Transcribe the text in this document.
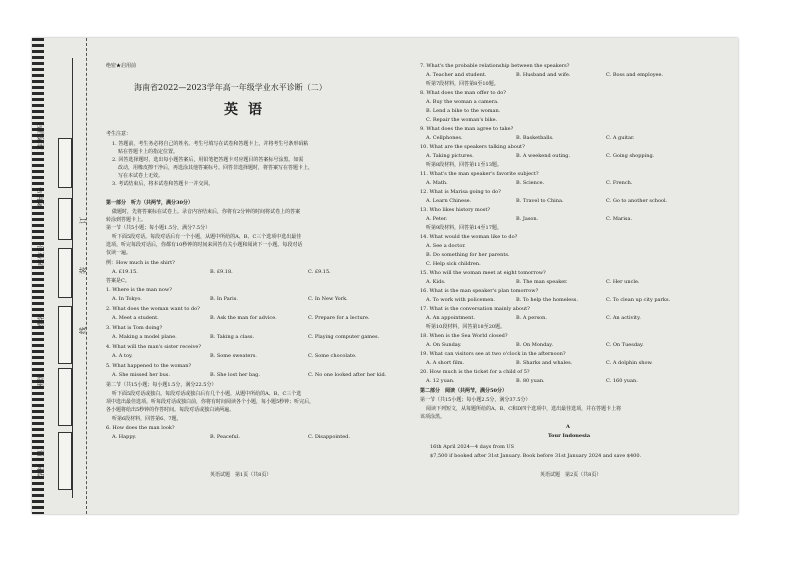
准考证号
考场号
座位号
姓名
班级
学校（县）
订
装
线
绝密★启用前
海南省2022—2023学年高一年级学业水平诊断（二）
英语
考生注意：
1. 答题前，考生务必将自己的姓名、考生号填写在试卷和答题卡上，并将考生号条形码粘
贴在答题卡上的指定位置。
2. 回答选择题时，选出每小题答案后，用铅笔把答题卡对应题目的答案标号涂黑。如需
改动，用橡皮擦干净后，再选涂其他答案标号。回答非选择题时，将答案写在答题卡上，
写在本试卷上无效。
3. 考试结束后，将本试卷和答题卡一并交回。
第一部分　听力（共两节，满分30分）
做题时，先将答案标在试卷上。录音内容结束后，你将有2分钟的时间将试卷上的答案
转涂到答题卡上。
第一节（共5小题；每小题1.5分，满分7.5分）
听下面5段对话。每段对话后有一个小题，从题中所给的A、B、C三个选项中选出最佳
选项。听完每段对话后，你都有10秒钟的时间来回答有关小题和阅读下一小题。每段对话
仅读一遍。
例：How much is the shirt?
A. £19.15.	B. £9.18.	C. £9.15.
答案是C。
1. Where is the man now?
A. In Tokyo.	B. In Paris.	C. In New York.
2. What does the woman want to do?
A. Meet a student.	B. Ask the man for advice.	C. Prepare for a lecture.
3. What is Tom doing?
A. Making a model plane.	B. Taking a class.	C. Playing computer games.
4. What will the man's sister receive?
A. A toy.	B. Some sweaters.	C. Some chocolate.
5. What happened to the woman?
A. She missed her bus.	B. She lost her bag.	C. No one looked after her kid.
第二节（共15小题；每小题1.5分，满分22.5分）
听下面5段对话或独白。每段对话或独白后有几个小题，从题中所给的A、B、C三个选
项中选出最佳选项。听每段对话或独白前，你将有时间阅读各个小题，每小题5秒钟；听完后，
各小题将给出5秒钟的作答时间。每段对话或独白读两遍。
听第6段材料，回答第6、7题。
6. How does the man look?
A. Happy.	B. Peaceful.	C. Disappointed.
英语试题　第1页（共8页）
7. What's the probable relationship between the speakers?
A. Teacher and student.	B. Husband and wife.	C. Boss and employee.
听第7段材料，回答第8至10题。
8. What does the man offer to do?
A. Buy the woman a camera.
B. Lend a bike to the woman.
C. Repair the woman's bike.
9. What does the man agree to take?
A. Cellphones.	B. Basketballs.	C. A guitar.
10. What are the speakers talking about?
A. Taking pictures.	B. A weekend outing.	C. Going shopping.
听第8段材料，回答第11至13题。
11. What's the man speaker's favorite subject?
A. Math.	B. Science.	C. French.
12. What is Marisa going to do?
A. Learn Chinese.	B. Travel to China.	C. Go to another school.
13. Who likes history most?
A. Peter.	B. Jason.	C. Marisa.
听第9段材料，回答第14至17题。
14. What would the woman like to do?
A. See a doctor.
B. Do something for her parents.
C. Help sick children.
15. Who will the woman meet at eight tomorrow?
A. Kids.	B. The man speaker.	C. Her uncle.
16. What is the man speaker's plan tomorrow?
A. To work with policemen.	B. To help the homeless.	C. To clean up city parks.
17. What is the conversation mainly about?
A. An appointment.	B. A person.	C. An activity.
听第10段材料，回答第18至20题。
18. When is the Sea World closed?
A. On Sunday.	B. On Monday.	C. On Tuesday.
19. What can visitors see at two o'clock in the afternoon?
A. A short film.	B. Sharks and whales.	C. A dolphin show.
20. How much is the ticket for a child of 5?
A. 12 yuan.	B. 80 yuan.	C. 160 yuan.
第二部分　阅读（共两节，满分50分）
第一节（共15小题；每小题2.5分，满分37.5分）
阅读下列短文，从每题所给的A、B、C和D四个选项中，选出最佳选项，并在答题卡上将
该项涂黑。
A
Tour Indonesia
16th April 2024—4 days from US
$7,500 if booked after 31st January. Book before 31st January 2024 and save $400.
英语试题　第2页（共8页）
